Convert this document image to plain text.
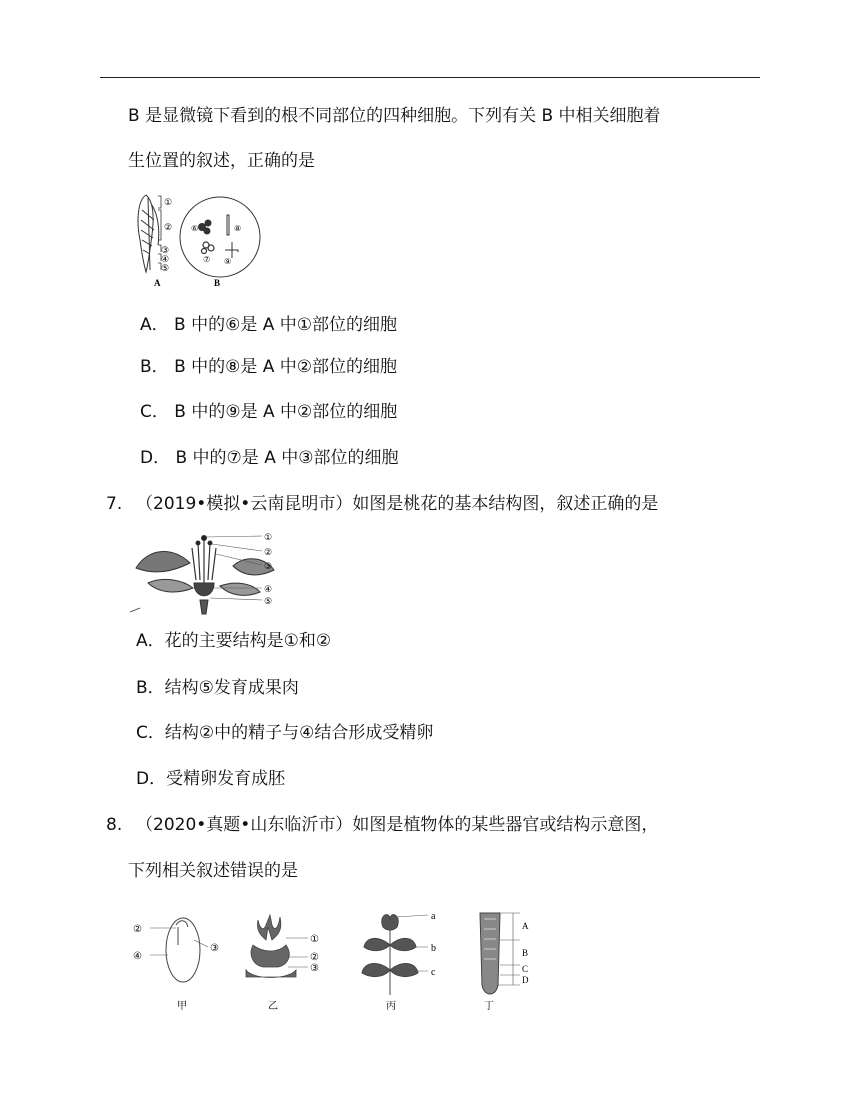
B 是显微镜下看到的根不同部位的四种细胞。下列有关 B 中相关细胞着
生位置的叙述，正确的是
①
②
③
④
⑤
A
⑥
⑦
⑧
⑨
B
A． B 中的⑥是 A 中①部位的细胞
B． B 中的⑧是 A 中②部位的细胞
C． B 中的⑨是 A 中②部位的细胞
D． B 中的⑦是 A 中③部位的细胞
7. （2019•模拟•云南昆明市）如图是桃花的基本结构图，叙述正确的是
①
②
③
④
⑤
A．花的主要结构是①和②
B．结构⑤发育成果肉
C．结构②中的精子与④结合形成受精卵
D．受精卵发育成胚
8. （2020•真题•山东临沂市）如图是植物体的某些器官或结构示意图，
下列相关叙述错误的是
②
③
④
甲
①
②
③
乙
a
b
c
丙
A
B
C
D
丁
